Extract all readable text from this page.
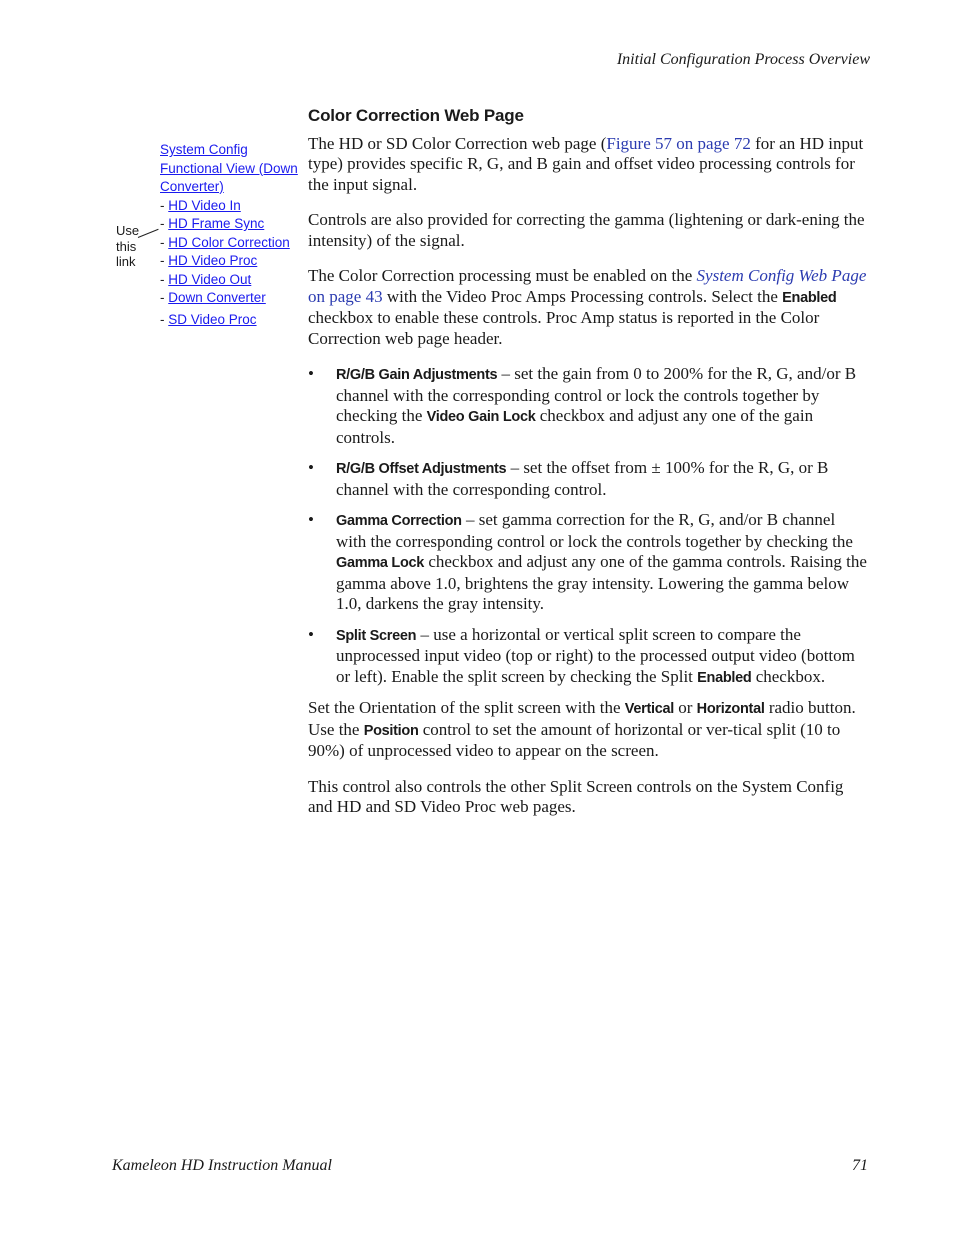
Initial Configuration Process Overview
System Config
Functional View (Down Converter)
- HD Video In
- HD Frame Sync
- HD Color Correction
- HD Video Proc
- HD Video Out
- Down Converter
- SD Video Proc
Use
this
link
Color Correction Web Page

The HD or SD Color Correction web page (Figure 57 on page 72 for an HD input type) provides specific R, G, and B gain and offset video processing controls for the input signal.

Controls are also provided for correcting the gamma (lightening or dark-ening the intensity) of the signal.

The Color Correction processing must be enabled on the System Config Web Page on page 43 with the Video Proc Amps Processing controls. Select the Enabled checkbox to enable these controls. Proc Amp status is reported in the Color Correction web page header.

• R/G/B Gain Adjustments – set the gain from 0 to 200% for the R, G, and/or B channel with the corresponding control or lock the controls together by checking the Video Gain Lock checkbox and adjust any one of the gain controls.
• R/G/B Offset Adjustments – set the offset from ± 100% for the R, G, or B channel with the corresponding control.
• Gamma Correction – set gamma correction for the R, G, and/or B channel with the corresponding control or lock the controls together by checking the Gamma Lock checkbox and adjust any one of the gamma controls. Raising the gamma above 1.0, brightens the gray intensity. Lowering the gamma below 1.0, darkens the gray intensity.
• Split Screen – use a horizontal or vertical split screen to compare the unprocessed input video (top or right) to the processed output video (bottom or left). Enable the split screen by checking the Split Enabled checkbox.

Set the Orientation of the split screen with the Vertical or Horizontal radio button. Use the Position control to set the amount of horizontal or ver-tical split (10 to 90%) of unprocessed video to appear on the screen.

This control also controls the other Split Screen controls on the System Config and HD and SD Video Proc web pages.

Kameleon HD Instruction Manual	71
